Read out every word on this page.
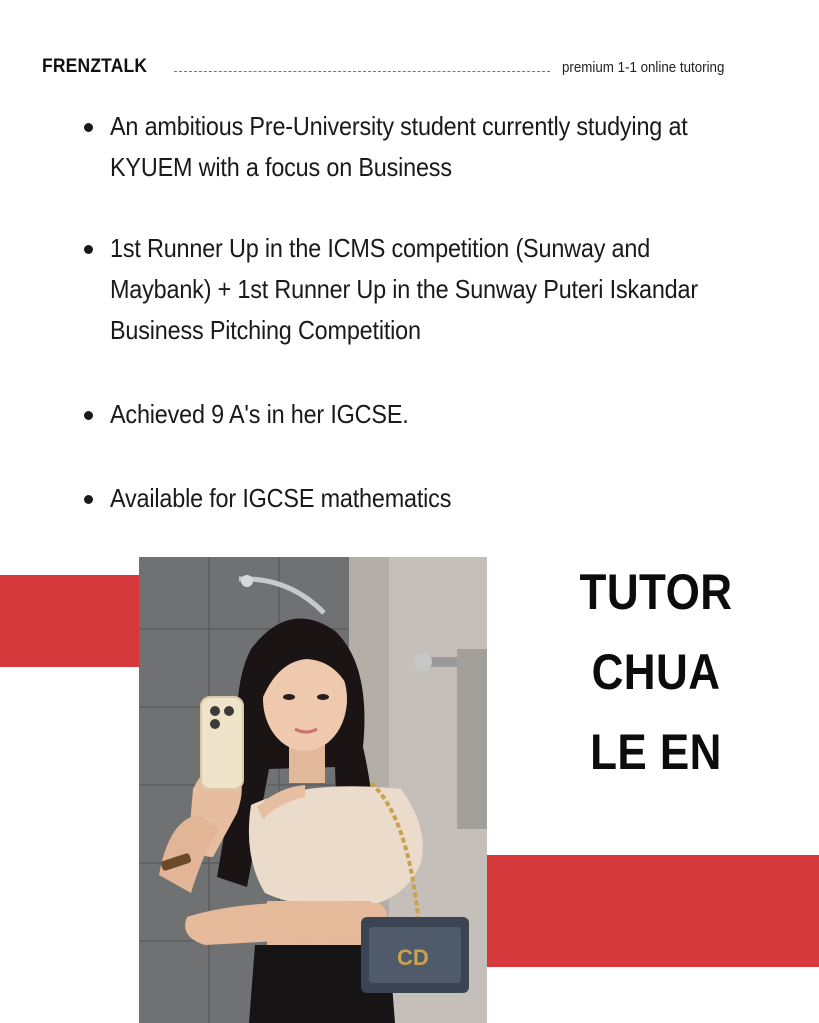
FRENZTALK	premium 1-1 online tutoring
An ambitious Pre-University student currently studying at KYUEM with a focus on Business
1st Runner Up in the ICMS competition (Sunway and Maybank) + 1st Runner Up in the Sunway Puteri Iskandar Business Pitching Competition
Achieved 9 A's in her IGCSE.
Available for IGCSE mathematics
CD
TUTOR
CHUA
LE EN
